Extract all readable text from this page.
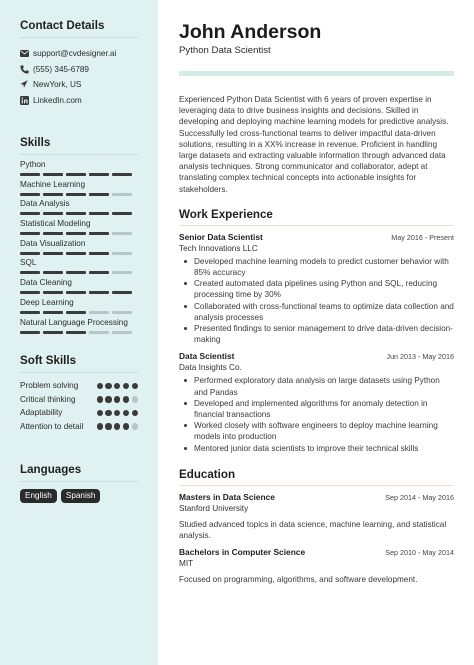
Contact Details
support@cvdesigner.ai
(555) 345-6789
NewYork, US
LinkedIn.com
Skills
Python
Machine Learning
Data Analysis
Statistical Modeling
Data Visualization
SQL
Data Cleaning
Deep Learning
Natural Language Processing
Soft Skills
Problem solving
Critical thinking
Adaptability
Attention to detail
Languages
English	Spanish
John Anderson
Python Data Scientist

Experienced Python Data Scientist with 6 years of proven expertise in leveraging data to drive business insights and decisions. Skilled in developing and deploying machine learning models for predictive analysis. Successfully led cross-functional teams to deliver impactful data-driven solutions, resulting in a XX% increase in revenue. Proficient in handling large datasets and extracting valuable information through advanced data analysis techniques. Strong communicator and collaborator, adept at translating complex technical concepts into actionable insights for stakeholders.

Work Experience
Senior Data Scientist	May 2016 - Present
Tech Innovations LLC
Developed machine learning models to predict customer behavior with 85% accuracy
Created automated data pipelines using Python and SQL, reducing processing time by 30%
Collaborated with cross-functional teams to optimize data collection and analysis processes
Presented findings to senior management to drive data-driven decision-making
Data Scientist	Jun 2013 - May 2016
Data Insights Co.
Performed exploratory data analysis on large datasets using Python and Pandas
Developed and implemented algorithms for anomaly detection in financial transactions
Worked closely with software engineers to deploy machine learning models into production
Mentored junior data scientists to improve their technical skills
Education
Masters in Data Science	Sep 2014 - May 2016
Stanford University

Studied advanced topics in data science, machine learning, and statistical analysis.

Bachelors in Computer Science	Sep 2010 - May 2014
MIT

Focused on programming, algorithms, and software development.
